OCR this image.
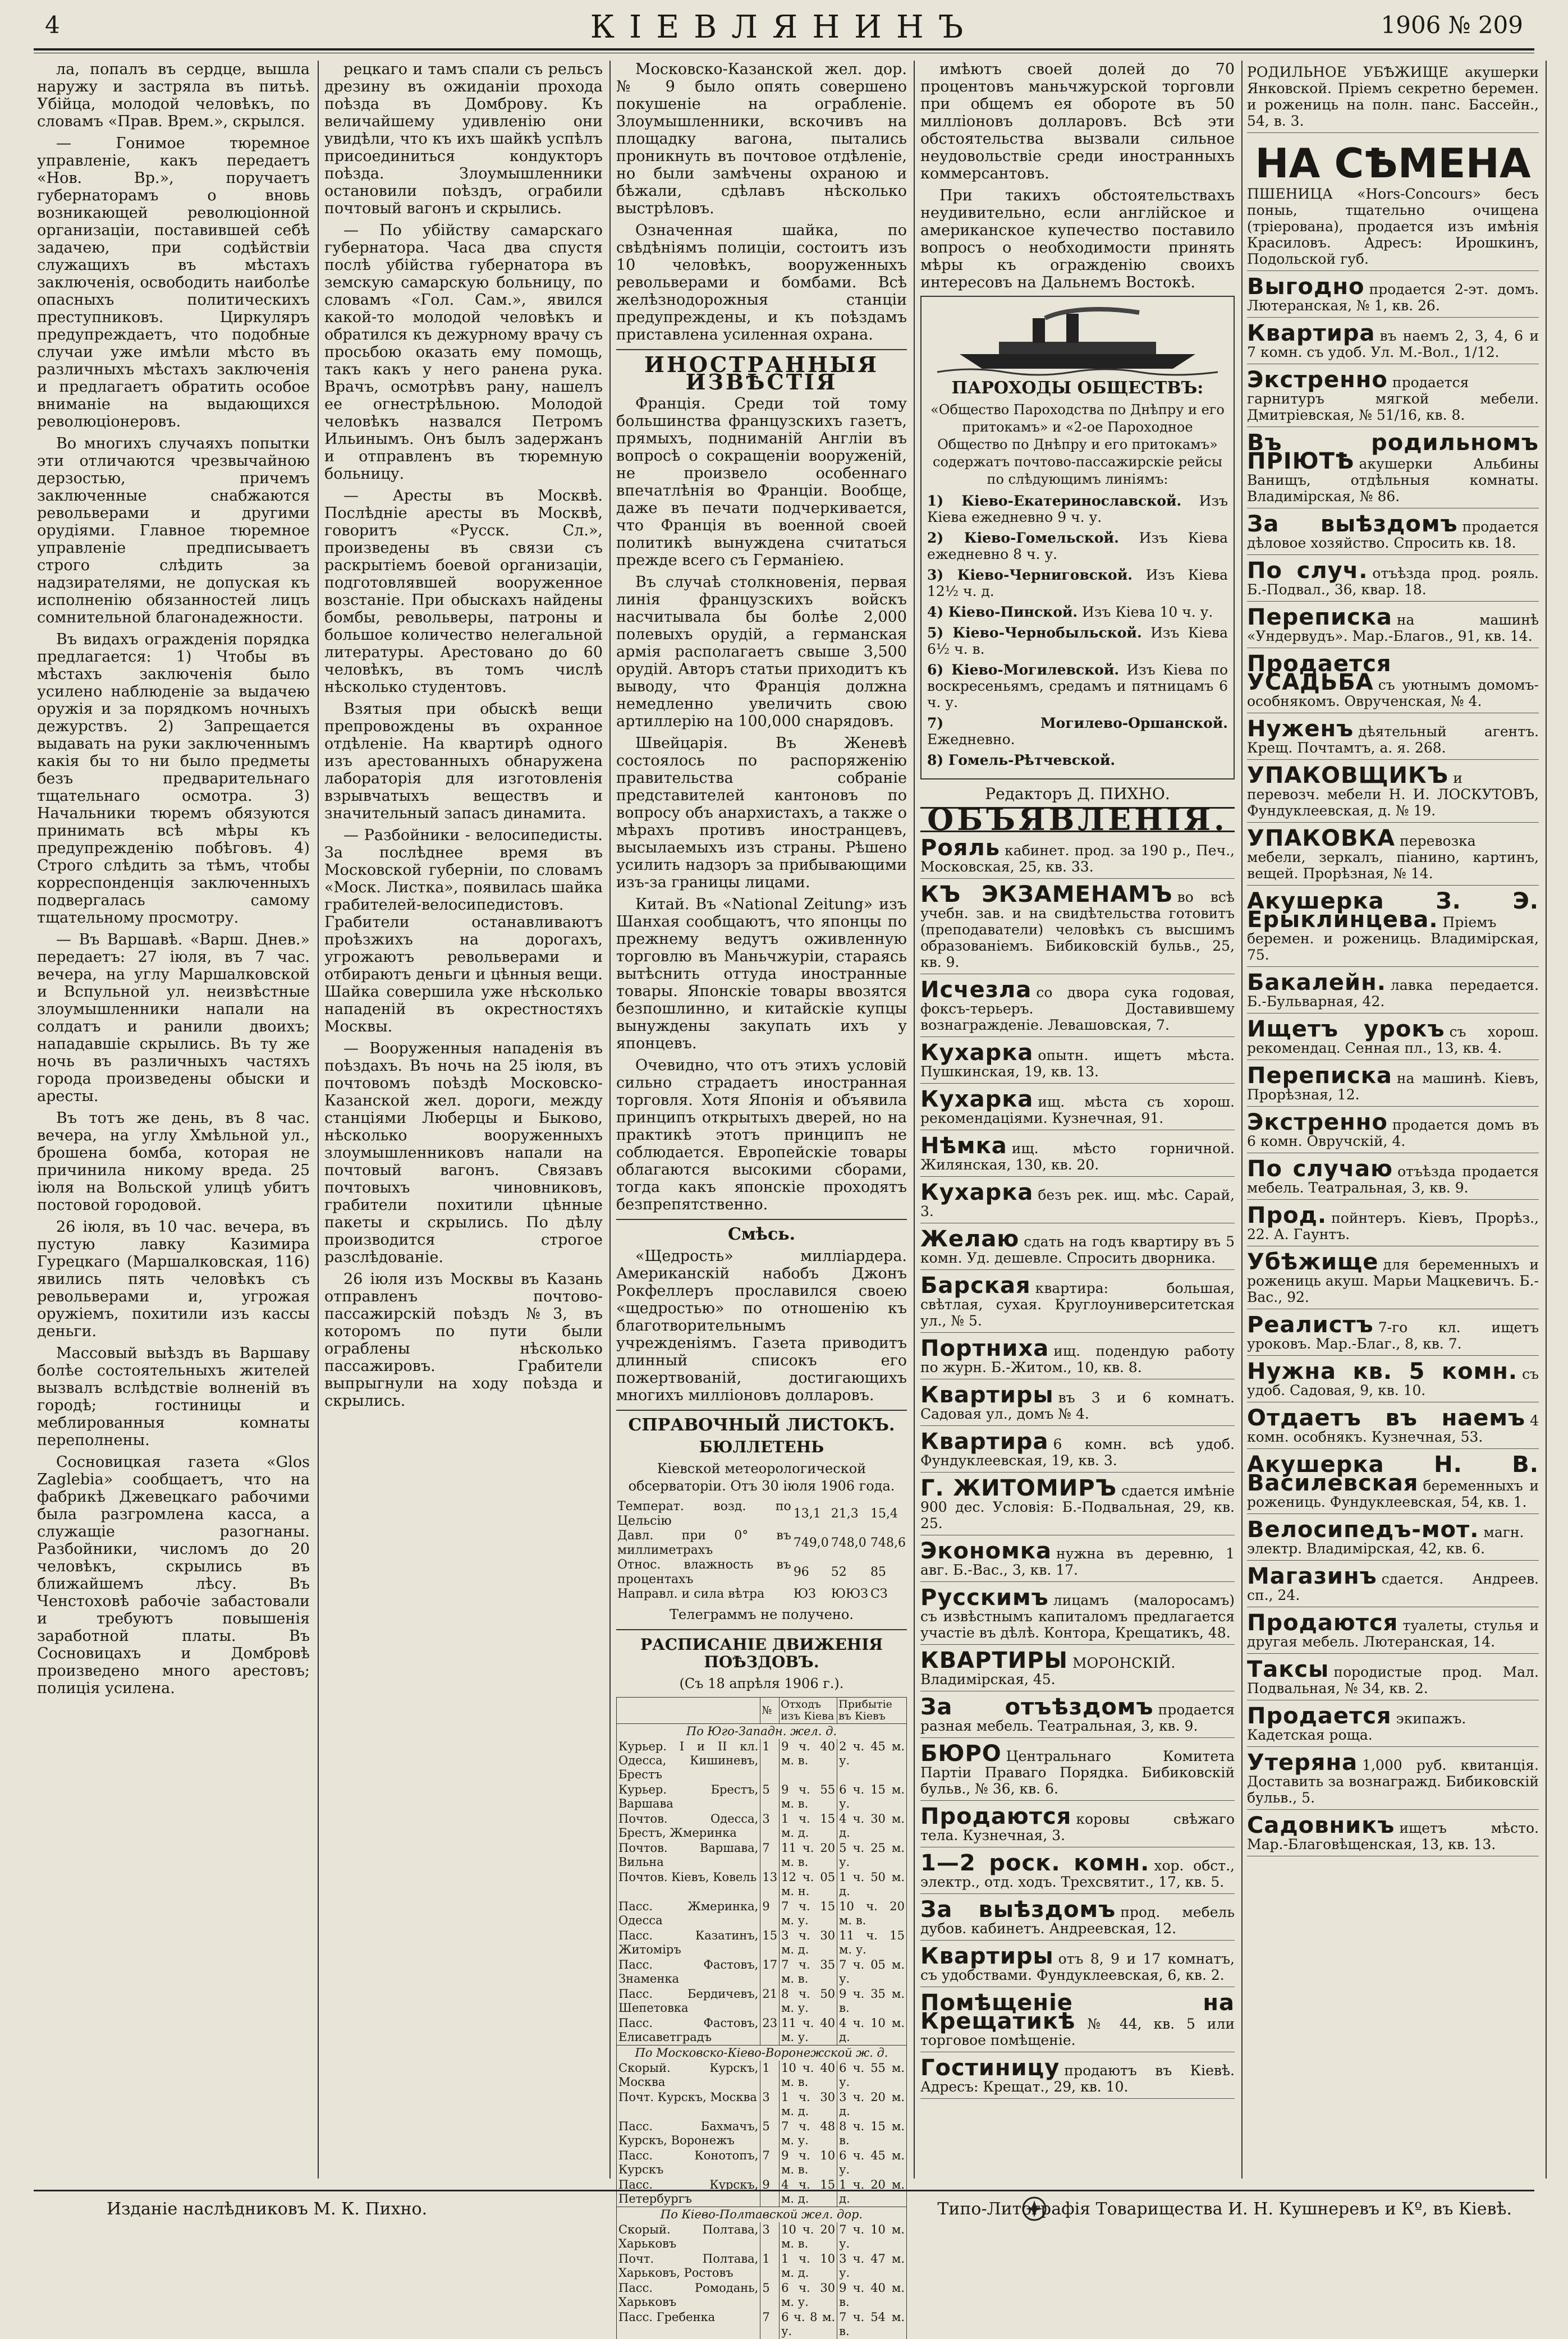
4	КІЕВЛЯНИНЪ	1906 № 209

ла, попалъ въ сердце, вышла наружу и застряла въ питьѣ. Убійца, молодой человѣкъ, по словамъ «Прав. Врем.», скрылся.

— Гонимое тюремное управленіе, какъ передаетъ «Нов. Вр.», поручаетъ губернаторамъ о вновь возникающей революціонной организаціи, поставившей себѣ задачею, при содѣйствіи служащихъ въ мѣстахъ заключенія, освободить наиболѣе опасныхъ политическихъ преступниковъ. Циркуляръ предупреждаетъ, что подобные случаи уже имѣли мѣсто въ различныхъ мѣстахъ заключенія и предлагаетъ обратить особое вниманіе на выдающихся революціонеровъ.

Во многихъ случаяхъ попытки эти отличаются чрезвычайною дерзостью, причемъ заключенные снабжаются револьверами и другими орудіями. Главное тюремное управленіе предписываетъ строго слѣдить за надзирателями, не допуская къ исполненію обязанностей лицъ сомнительной благонадежности.

Въ видахъ огражденія порядка предлагается: 1) Чтобы въ мѣстахъ заключенія было усилено наблюденіе за выдачею оружія и за порядкомъ ночныхъ дежурствъ. 2) Запрещается выдавать на руки заключеннымъ какія бы то ни было предметы безъ предварительнаго тщательнаго осмотра. 3) Начальники тюремъ обязуются принимать всѣ мѣры къ предупрежденію побѣговъ. 4) Строго слѣдить за тѣмъ, чтобы корреспонденція заключенныхъ подвергалась самому тщательному просмотру.

— Въ Варшавѣ. «Варш. Днев.» передаетъ: 27 іюля, въ 7 час. вечера, на углу Маршалковской и Вспульной ул. неизвѣстные злоумышленники напали на солдатъ и ранили двоихъ; нападавшіе скрылись. Въ ту же ночь въ различныхъ частяхъ города произведены обыски и аресты.

Въ тотъ же день, въ 8 час. вечера, на углу Хмѣльной ул., брошена бомба, которая не причинила никому вреда. 25 іюля на Вольской улицѣ убитъ постовой городовой.

26 іюля, въ 10 час. вечера, въ пустую лавку Казимира Гурецкаго (Маршалковская, 116) явились пять человѣкъ съ револьверами и, угрожая оружіемъ, похитили изъ кассы деньги.

Массовый выѣздъ въ Варшаву болѣе состоятельныхъ жителей вызвалъ вслѣдствіе волненій въ городѣ; гостиницы и меблированныя комнаты переполнены.

Сосновицкая газета «Glos Zaglebia» сообщаетъ, что на фабрикѣ Джевецкаго рабочими была разгромлена касса, а служащіе разогнаны. Разбойники, числомъ до 20 человѣкъ, скрылись въ ближайшемъ лѣсу. Въ Ченстоховѣ рабочіе забастовали и требуютъ повышенія заработной платы. Въ Сосновицахъ и Домбровѣ произведено много арестовъ; полиція усилена.

рецкаго и тамъ спали съ рельсъ дрезину въ ожиданіи прохода поѣзда въ Домброву. Къ величайшему удивленію они увидѣли, что къ ихъ шайкѣ успѣлъ присоединиться кондукторъ поѣзда. Злоумышленники остановили поѣздъ, ограбили почтовый вагонъ и скрылись.

— По убійству самарскаго губернатора. Часа два спустя послѣ убійства губернатора въ земскую самарскую больницу, по словамъ «Гол. Сам.», явился какой-то молодой человѣкъ и обратился къ дежурному врачу съ просьбою оказать ему помощь, такъ какъ у него ранена рука. Врачъ, осмотрѣвъ рану, нашелъ ее огнестрѣльною. Молодой человѣкъ назвался Петромъ Ильинымъ. Онъ былъ задержанъ и отправленъ въ тюремную больницу.

— Аресты въ Москвѣ. Послѣдніе аресты въ Москвѣ, говоритъ «Русск. Сл.», произведены въ связи съ раскрытіемъ боевой организаціи, подготовлявшей вооруженное возстаніе. При обыскахъ найдены бомбы, револьверы, патроны и большое количество нелегальной литературы. Арестовано до 60 человѣкъ, въ томъ числѣ нѣсколько студентовъ.

Взятыя при обыскѣ вещи препровождены въ охранное отдѣленіе. На квартирѣ одного изъ арестованныхъ обнаружена лабораторія для изготовленія взрывчатыхъ веществъ и значительный запасъ динамита.

— Разбойники - велосипедисты. За послѣднее время въ Московской губерніи, по словамъ «Моск. Листка», появилась шайка грабителей-велосипедистовъ. Грабители останавливаютъ проѣзжихъ на дорогахъ, угрожаютъ револьверами и отбираютъ деньги и цѣнныя вещи. Шайка совершила уже нѣсколько нападеній въ окрестностяхъ Москвы.

— Вооруженныя нападенія въ поѣздахъ. Въ ночь на 25 іюля, въ почтовомъ поѣздѣ Московско-Казанской жел. дороги, между станціями Люберцы и Быково, нѣсколько вооруженныхъ злоумышленниковъ напали на почтовый вагонъ. Связавъ почтовыхъ чиновниковъ, грабители похитили цѣнные пакеты и скрылись. По дѣлу производится строгое разслѣдованіе.

26 іюля изъ Москвы въ Казань отправленъ почтово-пассажирскій поѣздъ №3, въ которомъ по пути были ограблены нѣсколько пассажировъ. Грабители выпрыгнули на ходу поѣзда и скрылись.

Московско-Казанской жел. дор. № 9 было опять совершено покушеніе на ограбленіе. Злоумышленники, вскочивъ на площадку вагона, пытались проникнуть въ почтовое отдѣленіе, но были замѣчены охраною и бѣжали, сдѣлавъ нѣсколько выстрѣловъ.

Означенная шайка, по свѣдѣніямъ полиціи, состоитъ изъ 10 человѣкъ, вооруженныхъ револьверами и бомбами. Всѣ желѣзнодорожныя станціи предупреждены, и къ поѣздамъ приставлена усиленная охрана.

ИНОСТРАННЫЯ ИЗВѢСТІЯ

Франція. Среди той тому большинства французскихъ газетъ, прямыхъ, подниманій Англіи въ вопросѣ о сокращеніи вооруженій, не произвело особеннаго впечатлѣнія во Франціи. Вообще, даже въ печати подчеркивается, что Франція въ военной своей политикѣ вынуждена считаться прежде всего съ Германіею.

Въ случаѣ столкновенія, первая линія французскихъ войскъ насчитывала бы болѣе 2,000 полевыхъ орудій, а германская армія располагаетъ свыше 3,500 орудій. Авторъ статьи приходитъ къ выводу, что Франція должна немедленно увеличить свою артиллерію на 100,000 снарядовъ.

Швейцарія. Въ Женевѣ состоялось по распоряженію правительства собраніе представителей кантоновъ по вопросу объ анархистахъ, а также о мѣрахъ противъ иностранцевъ, высылаемыхъ изъ страны. Рѣшено усилить надзоръ за прибывающими изъ-за границы лицами.

Китай. Въ «National Zeitung» изъ Шанхая сообщаютъ, что японцы по прежнему ведутъ оживленную торговлю въ Маньчжуріи, стараясь вытѣснить оттуда иностранные товары. Японскіе товары ввозятся безпошлинно, и китайскіе купцы вынуждены закупать ихъ у японцевъ.

Очевидно, что отъ этихъ условій сильно страдаетъ иностранная торговля. Хотя Японія и объявила принципъ открытыхъ дверей, но на практикѣ этотъ принципъ не соблюдается. Европейскіе товары облагаются высокими сборами, тогда какъ японскіе проходятъ безпрепятственно.

Смѣсь.

«Щедрость» милліардера. Американскій набобъ Джонъ Рокфеллеръ прославился своею «щедростью» по отношенію къ благотворительнымъ учрежденіямъ. Газета приводитъ длинный списокъ его пожертвованій, достигающихъ многихъ милліоновъ долларовъ.

СПРАВОЧНЫЙ ЛИСТОКЪ.

БЮЛЛЕТЕНЬ

Кіевской метеорологической обсерваторіи. Отъ 30 іюля 1906 года.

Температ. возд. по Цельсію	13,1	21,3	15,4
Давл. при 0° въ миллиметрахъ	749,0	748,0	748,6
Относ. влажность въ процентахъ	96	52	85
Направл. и сила вѣтра	ЮЗ	ЮЮЗ	СЗ

Телеграммъ не получено.

РАСПИСАНІЕ ДВИЖЕНІЯ ПОѢЗДОВЪ.

(Съ 18 апрѣля 1906 г.).

	№	Отходъ изъ Кіева	Прибытіе въ Кіевъ
По Юго-Западн. жел. д.			
Курьер. I и II кл. Одесса, Кишиневъ, Брестъ	1	9 ч. 40 м. в.	2 ч. 45 м. у.
Курьер. Брестъ, Варшава	5	9 ч. 55 м. в.	6 ч. 15 м. у.
Почтов. Одесса, Брестъ, Жмеринка	3	1 ч. 15 м. д.	4 ч. 30 м. д.
Почтов. Варшава, Вильна	7	11 ч. 20 м. в.	5 ч. 25 м. у.
Почтов. Кіевъ, Ковель	13	12 ч. 05 м. н.	1 ч. 50 м. д.
Пасс. Жмеринка, Одесса	9	7 ч. 15 м. у.	10 ч. 20 м. в.
Пасс. Казатинъ, Житоміръ	15	3 ч. 30 м. д.	11 ч. 15 м. у.
Пасс. Фастовъ, Знаменка	17	7 ч. 35 м. в.	7 ч. 05 м. у.
Пасс. Бердичевъ, Шепетовка	21	8 ч. 50 м. у.	9 ч. 35 м. в.
Пасс. Фастовъ, Елисаветградъ	23	11 ч. 40 м. у.	4 ч. 10 м. д.
По Московско-Кіево-Воронежской ж. д.			
Скорый. Курскъ, Москва	1	10 ч. 40 м. в.	6 ч. 55 м. у.
Почт. Курскъ, Москва	3	1 ч. 30 м. д.	3 ч. 20 м. д.
Пасс. Бахмачъ, Курскъ, Воронежъ	5	7 ч. 48 м. у.	8 ч. 15 м. в.
Пасс. Конотопъ, Курскъ	7	9 ч. 10 м. в.	6 ч. 45 м. у.
Пасс. Курскъ, Петербургъ	9	4 ч. 15 м. д.	1 ч. 20 м. д.
По Кіево-Полтавской жел. дор.			
Скорый. Полтава, Харьковъ	3	10 ч. 20 м. в.	7 ч. 10 м. у.
Почт. Полтава, Харьковъ, Ростовъ	1	1 ч. 10 м. д.	3 ч. 47 м. у.
Пасс. Ромодань, Харьковъ	5	6 ч. 30 м. у.	9 ч. 40 м. в.
Пасс. Гребенка	7	6 ч. 8 м. у.	7 ч. 54 м. в.

имѣютъ своей долей до 70 процентовъ маньчжурской торговли при общемъ ея обороте въ 50 милліоновъ долларовъ. Всѣ эти обстоятельства вызвали сильное неудовольствіе среди иностранныхъ коммерсантовъ.

При такихъ обстоятельствахъ неудивительно, если англійское и американское купечество поставило вопросъ о необходимости принять мѣры къ огражденію своихъ интересовъ на Дальнемъ Востокѣ.

ПАРОХОДЫ ОБЩЕСТВЪ:

«Общество Пароходства по Днѣпру и его притокамъ» и «2-ое Пароходное Общество по Днѣпру и его притокамъ» содержатъ почтово-пассажирскіе рейсы по слѣдующимъ линіямъ:

1) Кіево-Екатеринославской. Изъ Кіева ежедневно 9 ч. у.

2) Кіево-Гомельской. Изъ Кіева ежедневно 8 ч. у.

3) Кіево-Черниговской. Изъ Кіева 12½ ч. д.

4) Кіево-Пинской. Изъ Кіева 10 ч. у.

5) Кіево-Чернобыльской. Изъ Кіева 6½ ч. в.

6) Кіево-Могилевской. Изъ Кіева по воскресеньямъ, средамъ и пятницамъ 6 ч. у.

7) Могилево-Оршанской. Ежедневно.

8) Гомель-Рѣтчевской.

Редакторъ Д. ПИХНО.

ОБЪЯВЛЕНІЯ.

Рояль кабинет. прод. за 190 р., Печ., Московская, 25, кв. 33.

КЪ ЭКЗАМЕНАМЪ во всѣ учебн. зав. и на свидѣтельства готовитъ (преподаватели) человѣкъ съ высшимъ образованіемъ. Бибиковскій бульв., 25, кв. 9.

Исчезла со двора сука годовая, фоксъ-терьеръ. Доставившему вознагражденіе. Левашовская, 7.

Кухарка опытн. ищетъ мѣста. Пушкинская, 19, кв. 13.

Кухарка ищ. мѣста съ хорош. рекомендаціями. Кузнечная, 91.

Нѣмка ищ. мѣсто горничной. Жилянская, 130, кв. 20.

Кухарка безъ рек. ищ. мѣс. Сарай, 3.

Желаю сдать на годъ квартиру въ 5 комн. Уд. дешевле. Спросить дворника.

Барская квартира: большая, свѣтлая, сухая. Круглоуниверситетская ул., № 5.

Портниха ищ. подендую работу по журн. Б.-Житом., 10, кв. 8.

Квартиры въ 3 и 6 комнатъ. Садовая ул., домъ № 4.

Квартира 6 комн. всѣ удоб. Фундуклеевская, 19, кв. 3.

Г. ЖИТОМИРЪ сдается имѣніе 900 дес. Условія: Б.-Подвальная, 29, кв. 25.

Экономка нужна въ деревню, 1 авг. Б.-Вас., 3, кв. 17.

Русскимъ лицамъ (малоросамъ) съ извѣстнымъ капиталомъ предлагается участіе въ дѣлѣ. Контора, Крещатикъ, 48.

КВАРТИРЫ МОРОНСКІЙ. Владимірская, 45.

За отъѣздомъ продается разная мебель. Театральная, 3, кв. 9.

БЮРО Центральнаго Комитета Партіи Праваго Порядка. Бибиковскій бульв., № 36, кв. 6.

Продаются коровы свѣжаго тела. Кузнечная, 3.

1—2 роск. комн. хор. обст., электр., отд. ходъ. Трехсвятит., 17, кв. 5.

За выѣздомъ прод. мебель дубов. кабинетъ. Андреевская, 12.

Квартиры отъ 8, 9 и 17 комнатъ, съ удобствами. Фундуклеевская, 6, кв. 2.

Помѣщеніе на Крещатикѣ № 44, кв. 5 или торговое помѣщеніе.

Гостиницу продаютъ въ Кіевѣ. Адресъ: Крещат., 29, кв. 10.

Изданіе наслѣдниковъ М. К. Пихно.	Типо-Литографія Товарищества И. Н. Кушнеревъ и Кº, въ Кіевѣ.

РОДИЛЬНОЕ УБѢЖИЩЕ акушерки Янковской. Пріемъ секретно беремен. и рожениць на полн. панс. Бассейн., 54, в. 3.

НА СѢМЕНА
ПШЕНИЦА «Hors-Concours» бесъ поныь, тщательно очищена (тріерована), продается изъ имѣнія Красиловъ. Адресъ: Ирошкинъ, Подольской губ.

Выгодно продается 2-эт. домъ. Лютеранская, № 1, кв. 26.

Квартира въ наемъ 2, 3, 4, 6 и 7 комн. съ удоб. Ул. М.-Вол., 1/12.

Экстренно продается гарнитуръ мягкой мебели. Дмитріевская, № 51/16, кв. 8.

Въ родильномъ ПРІЮТѢ акушерки Альбины Ванищъ, отдѣльныя комнаты. Владимірская, № 86.

За выѣздомъ продается дѣловое хозяйство. Спросить кв. 18.

По случ. отъѣзда прод. рояль. Б.-Подвал., 36, квар. 18.

Переписка на машинѣ «Ундервудъ». Мар.-Благов., 91, кв. 14.

Продается УСАДЬБА съ уютнымъ домомъ-особнякомъ. Оврученская, № 4.

Нуженъ дѣятельный агентъ. Крещ. Почтамтъ, а. я. 268.

УПАКОВЩИКЪ и перевозч. мебели Н. И. ЛОСКУТОВЪ, Фундуклеевская, д. № 19.

УПАКОВКА перевозка мебели, зеркалъ, піанино, картинъ, вещей. Прорѣзная, № 14.

Акушерка З. Э. Ерыклинцева. Пріемъ беремен. и рожениць. Владимірская, 75.

Бакалейн. лавка передается. Б.-Бульварная, 42.

Ищетъ урокъ съ хорош. рекомендац. Сенная пл., 13, кв. 4.

Переписка на машинѣ. Кіевъ, Прорѣзная, 12.

Экстренно продается домъ въ 6 комн. Овручскій, 4.

По случаю отъѣзда продается мебель. Театральная, 3, кв. 9.

Прод. пойнтеръ. Кіевъ, Прорѣз., 22. А. Гаунтъ.

Убѣжище для беременныхъ и рожениць акуш. Марьи Мацкевичъ. Б.-Вас., 92.

Реалистъ 7-го кл. ищетъ уроковъ. Мар.-Благ., 8, кв. 7.

Нужна кв. 5 комн. съ удоб. Садовая, 9, кв. 10.

Отдаетъ въ наемъ 4 комн. особнякъ. Кузнечная, 53.

Акушерка Н. В. Василевская беременныхъ и рожениць. Фундуклеевская, 54, кв. 1.

Велосипедъ-мот. магн. электр. Владимірская, 42, кв. 6.

Магазинъ сдается. Андреев. сп., 24.

Продаются туалеты, стулья и другая мебель. Лютеранская, 14.

Таксы породистые прод. Мал. Подвальная, № 34, кв. 2.

Продается экипажъ. Кадетская роща.

Утеряна 1,000 руб. квитанція. Доставить за вознагражд. Бибиковскій бульв., 5.

Садовникъ ищетъ мѣсто. Мар.-Благовѣщенская, 13, кв. 13.
